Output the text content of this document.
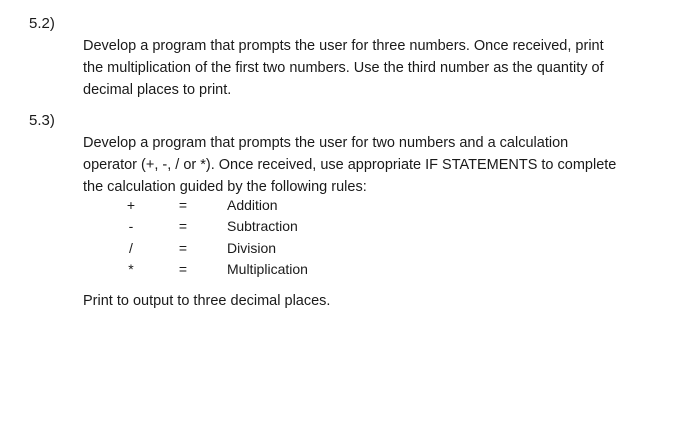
5.2)

Develop a program that prompts the user for three numbers. Once received, print

the multiplication of the first two numbers. Use the third number as the quantity of

decimal places to print.

5.3)

Develop a program that prompts the user for two numbers and a calculation

operator (+, -, / or *). Once received, use appropriate IF STATEMENTS to complete

the calculation guided by the following rules:

+	=	Addition
-	=	Subtraction
/	=	Division
*	=	Multiplication
Print to output to three decimal places.
